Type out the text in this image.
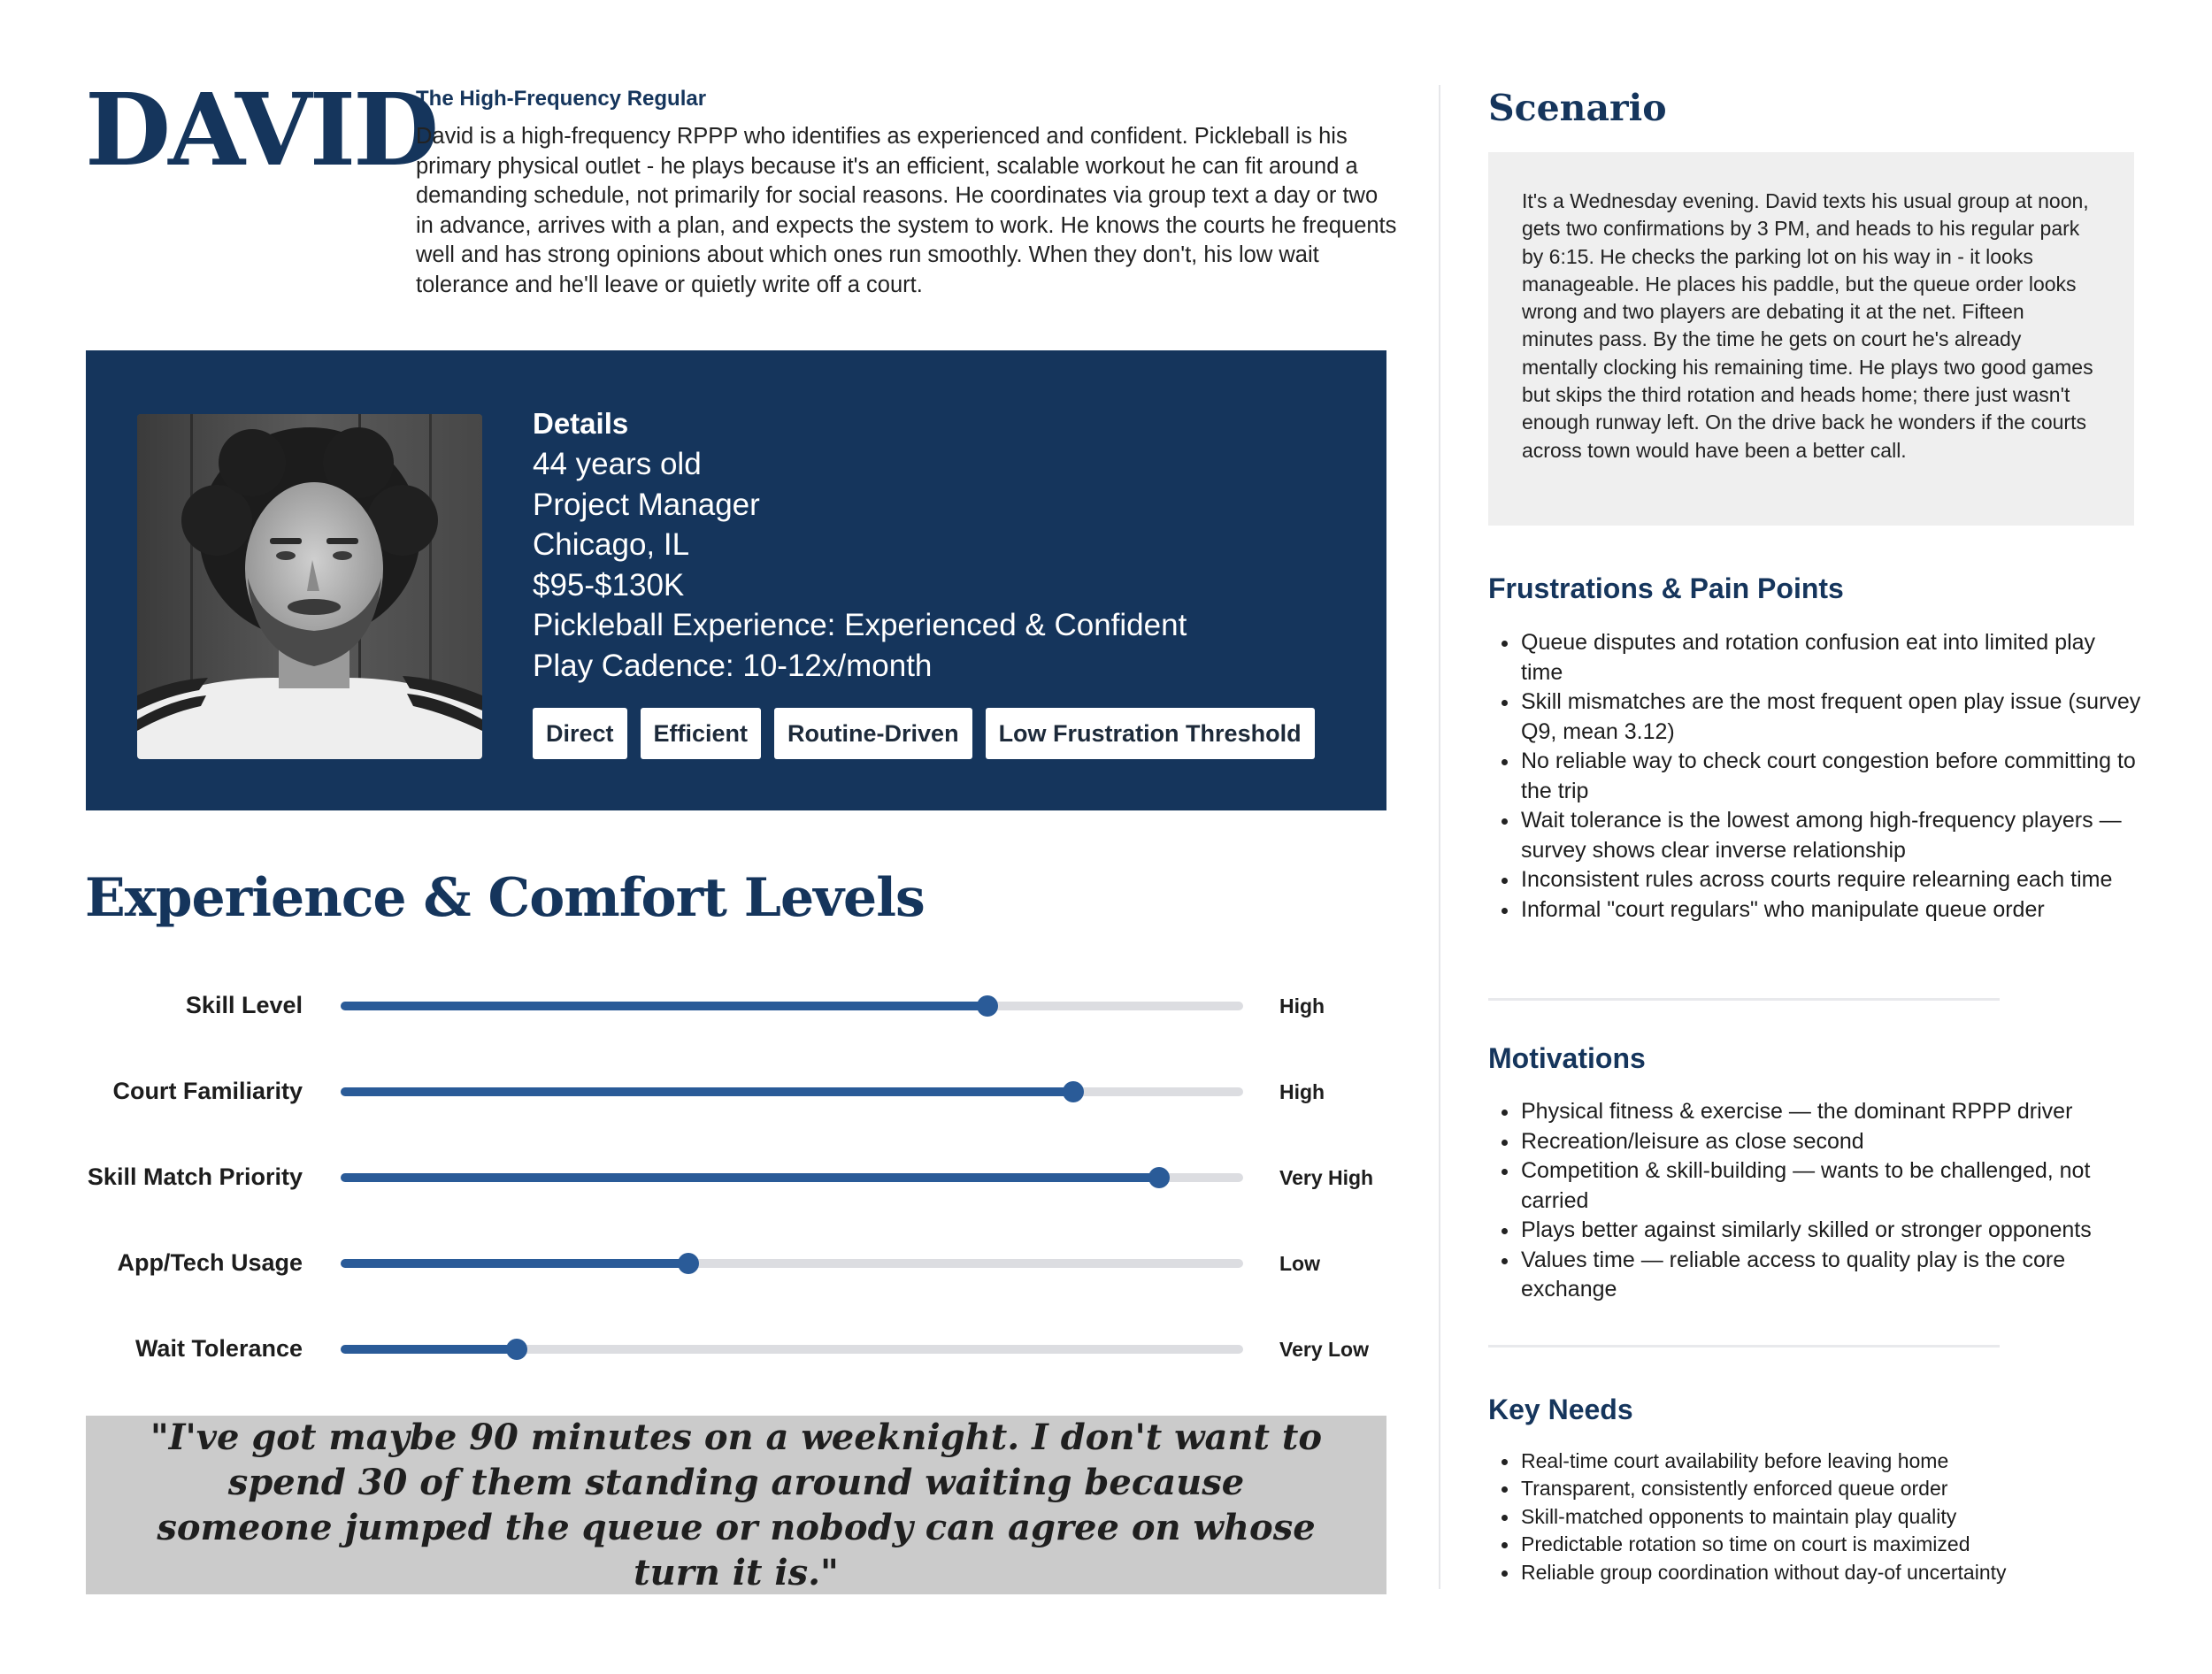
DAVID
The High-Frequency Regular

David is a high-frequency RPPP who identifies as experienced and confident. Pickleball is his primary physical outlet - he plays because it's an efficient, scalable workout he can fit around a demanding schedule, not primarily for social reasons. He coordinates via group text a day or two in advance, arrives with a plan, and expects the system to work. He knows the courts he frequents well and has strong opinions about which ones run smoothly. When they don't, his low wait tolerance and he'll leave or quietly write off a court.

Details
44 years old
Project Manager
Chicago, IL
$95-$130K
Pickleball Experience: Experienced & Confident
Play Cadence: 10-12x/month
Direct	Efficient	Routine-Driven	Low Frustration Threshold
Experience & Comfort Levels
Skill Level	High
Court Familiarity	High
Skill Match Priority	Very High
App/Tech Usage	Low
Wait Tolerance	Very Low

"I've got maybe 90 minutes on a weeknight. I don't want to spend 30 of them standing around waiting because someone jumped the queue or nobody can agree on whose turn it is."

Scenario

It's a Wednesday evening. David texts his usual group at noon, gets two confirmations by 3 PM, and heads to his regular park by 6:15. He checks the parking lot on his way in - it looks manageable. He places his paddle, but the queue order looks wrong and two players are debating it at the net. Fifteen minutes pass. By the time he gets on court he's already mentally clocking his remaining time. He plays two good games but skips the third rotation and heads home; there just wasn't enough runway left. On the drive back he wonders if the courts across town would have been a better call.

Frustrations & Pain Points
Queue disputes and rotation confusion eat into limited play time
Skill mismatches are the most frequent open play issue (survey Q9, mean 3.12)
No reliable way to check court congestion before committing to the trip
Wait tolerance is the lowest among high-frequency players — survey shows clear inverse relationship
Inconsistent rules across courts require relearning each time
Informal "court regulars" who manipulate queue order
Motivations
Physical fitness & exercise — the dominant RPPP driver
Recreation/leisure as close second
Competition & skill-building — wants to be challenged, not carried
Plays better against similarly skilled or stronger opponents
Values time — reliable access to quality play is the core exchange
Key Needs
Real-time court availability before leaving home
Transparent, consistently enforced queue order
Skill-matched opponents to maintain play quality
Predictable rotation so time on court is maximized
Reliable group coordination without day-of uncertainty
